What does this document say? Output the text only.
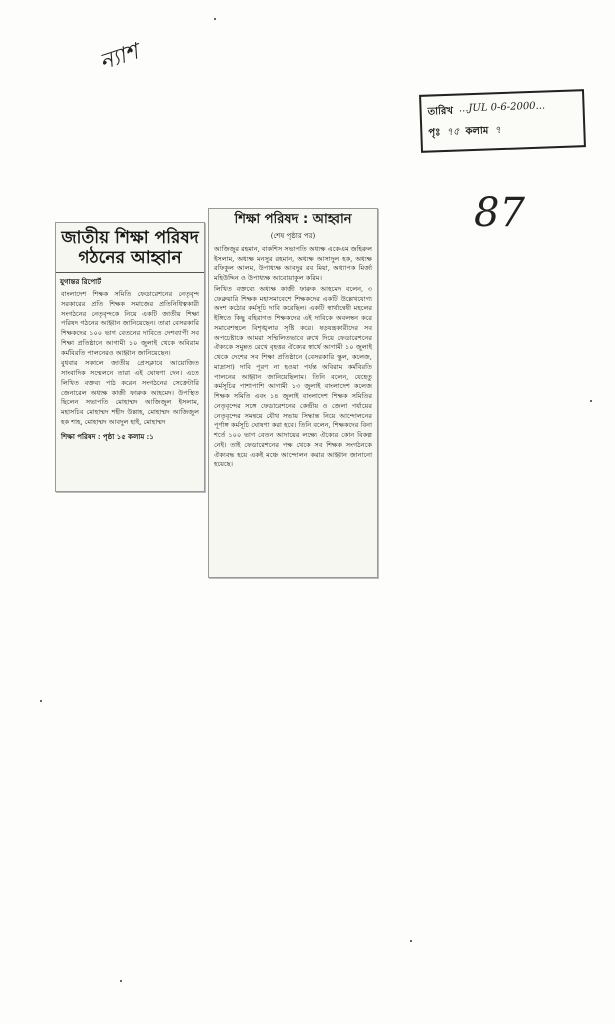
ন্যাশ
তারিখ ...JUL 0-6-2000...
পৃঃ ৭৫ কলাম ৭
87
জাতীয় শিক্ষা পরিষদ গঠনের আহ্বান
যুগান্তর রিপোর্ট

বাংলাদেশ শিক্ষক সমিতি ফেডারেশনের নেতৃবৃন্দ সরকারের প্রতি শিক্ষক সমাজের প্রতিনিধিত্বকারী সংগঠনের নেতৃবৃন্দকে নিয়ে একটি জাতীয় শিক্ষা পরিষদ গঠনের আহ্বান জানিয়েছেন। তারা বেসরকারি শিক্ষকদের ১০০ ভাগ বেতনের দাবিতে দেশব্যাপী সব শিক্ষা প্রতিষ্ঠানে আগামী ১০ জুলাই থেকে অবিরাম কর্মবিরতি পালনেরও আহ্বান জানিয়েছেন।

বুধবার সকালে জাতীয় প্রেসক্লাবে আয়োজিত সাংবাদিক সম্মেলনে তারা এই ঘোষণা দেন। এতে লিখিত বক্তব্য পাঠ করেন সংগঠনের সেক্রেটারি জেনারেল অধ্যক্ষ কাজী ফারুক আহমেদ। উপস্থিত ছিলেন সভাপতি মোহাম্মদ আজিজুল ইসলাম, মহাসচিব মোহাম্মদ শহীদ উল্লাহ, মোহাম্মদ আজিজুল হক শাহ, মোহাম্মদ আবদুল হাই, মোহাম্মদ

শিক্ষা পরিষদ : পৃষ্ঠা ১৫ কলাম :১
শিক্ষা পরিষদ : আহ্বান
(শেষ পৃষ্ঠার পর)

আজিজুর রহমান, বাকশিস সভাপতি অধ্যক্ষ একেএম জহিরুল ইসলাম, অধ্যক্ষ মনসুর রহমান, অধ্যক্ষ আসাদুল হক, অধ্যক্ষ রফিকুল আলম, উপাধ্যক্ষ আবদুর রব মিয়া, অধ্যাপক মির্জা মহিউদ্দিন ও উপাধ্যক্ষ আবোয়াকুল করিম।

লিখিত বক্তব্যে অধ্যক্ষ কাজী ফারুক আহমেদ বলেন, ৩ ফেব্রুয়ারি শিক্ষক মহাসমাবেশে শিক্ষকদের একটি উল্লেখযোগ্য অংশ কঠোর কর্মসূচি দাবি করেছিল। একটি স্বার্থান্বেষী মহলের ইঙ্গিতে কিছু বহিরাগত শিক্ষকদের এই দাবিকে অবলম্বন করে সমাবেশস্থলে বিশৃঙ্খলার সৃষ্টি করে। ষড়যন্ত্রকারীদের সব অপচেষ্টাকে আমরা সম্মিলিতভাবে রুখে দিয়ে ফেডারেশনের ঐক্যকে সমুন্নত রেখে বৃহত্তর ঐক্যের স্বার্থে আগামী ১০ জুলাই থেকে দেশের সব শিক্ষা প্রতিষ্ঠানে (বেসরকারি স্কুল, কলেজ, মাদ্রাসা) দাবি পূরণ না হওয়া পর্যন্ত অবিরাম কর্মবিরতি পালনের আহ্বান জানিয়েছিলাম। তিনি বলেন, যেহেতু কর্মসূচির পাশাপাশি আগামী ১৩ জুলাই বাংলাদেশ কলেজ শিক্ষক সমিতি এবং ১৪ জুলাই বাংলাদেশ শিক্ষক সমিতির নেতৃবৃন্দের সঙ্গে ফেডারেশনের কেন্দ্রীয় ও জেলা পর্যায়ের নেতৃবৃন্দের সমন্বয়ে যৌথ সভায় সিদ্ধান্ত নিয়ে আন্দোলনের পূর্ণাঙ্গ কর্মসূচি ঘোষণা করা হবে। তিনি বলেন, শিক্ষকদের বিনা শর্তে ১০০ ভাগ বেতন আদায়ের লক্ষ্যে ঐক্যের কোন বিকল্প নেই। তাই ফেডারেশনের পক্ষ থেকে সব শিক্ষক সংগঠনকে ঐক্যবদ্ধ হয়ে একই মঞ্চে আন্দোলন করার আহ্বান জানানো হয়েছে।
